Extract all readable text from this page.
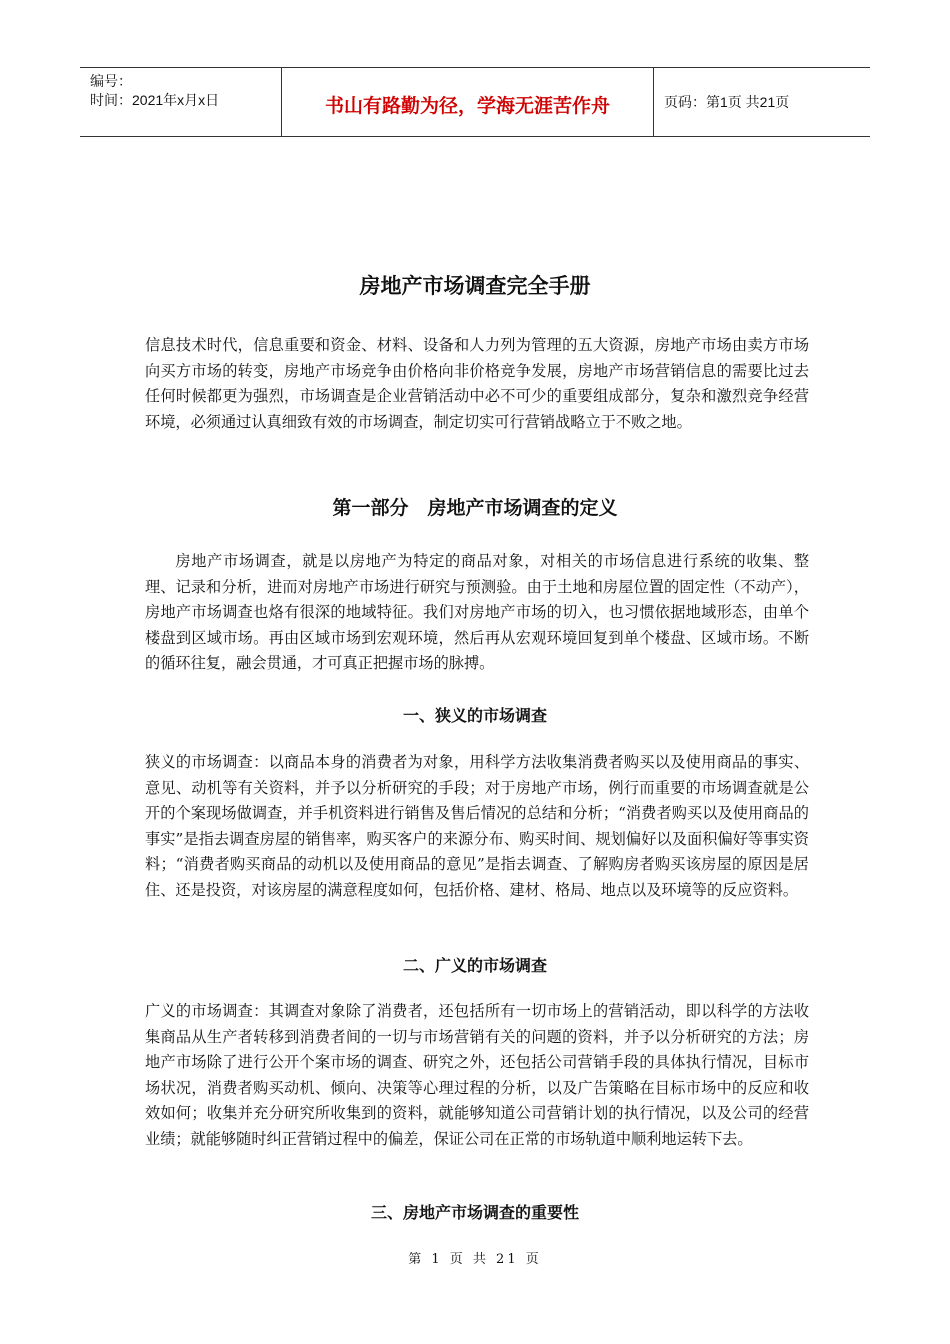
编号：
时间：2021年x月x日	书山有路勤为径，学海无涯苦作舟	页码：第1页 共21页
房地产市场调查完全手册

信息技术时代，信息重要和资金、材料、设备和人力列为管理的五大资源，房地产市场由卖方市场向买方市场的转变，房地产市场竞争由价格向非价格竞争发展，房地产市场营销信息的需要比过去任何时候都更为强烈，市场调查是企业营销活动中必不可少的重要组成部分，复杂和激烈竞争经营环境，必须通过认真细致有效的市场调查，制定切实可行营销战略立于不败之地。

第一部分　房地产市场调查的定义

房地产市场调查，就是以房地产为特定的商品对象，对相关的市场信息进行系统的收集、整理、记录和分析，进而对房地产市场进行研究与预测验。由于土地和房屋位置的固定性（不动产），房地产市场调查也烙有很深的地域特征。我们对房地产市场的切入，也习惯依据地域形态，由单个楼盘到区域市场。再由区域市场到宏观环境，然后再从宏观环境回复到单个楼盘、区域市场。不断的循环往复，融会贯通，才可真正把握市场的脉搏。

一、狭义的市场调查

狭义的市场调查：以商品本身的消费者为对象，用科学方法收集消费者购买以及使用商品的事实、意见、动机等有关资料，并予以分析研究的手段；对于房地产市场，例行而重要的市场调查就是公开的个案现场做调查，并手机资料进行销售及售后情况的总结和分析；“消费者购买以及使用商品的事实”是指去调查房屋的销售率，购买客户的来源分布、购买时间、规划偏好以及面积偏好等事实资料；“消费者购买商品的动机以及使用商品的意见”是指去调查、了解购房者购买该房屋的原因是居住、还是投资，对该房屋的满意程度如何，包括价格、建材、格局、地点以及环境等的反应资料。

二、广义的市场调查

广义的市场调查：其调查对象除了消费者，还包括所有一切市场上的营销活动，即以科学的方法收集商品从生产者转移到消费者间的一切与市场营销有关的问题的资料，并予以分析研究的方法；房地产市场除了进行公开个案市场的调查、研究之外，还包括公司营销手段的具体执行情况，目标市场状况，消费者购买动机、倾向、决策等心理过程的分析，以及广告策略在目标市场中的反应和收效如何；收集并充分研究所收集到的资料，就能够知道公司营销计划的执行情况，以及公司的经营业绩；就能够随时纠正营销过程中的偏差，保证公司在正常的市场轨道中顺利地运转下去。

三、房地产市场调查的重要性
第 1 页 共 21 页
